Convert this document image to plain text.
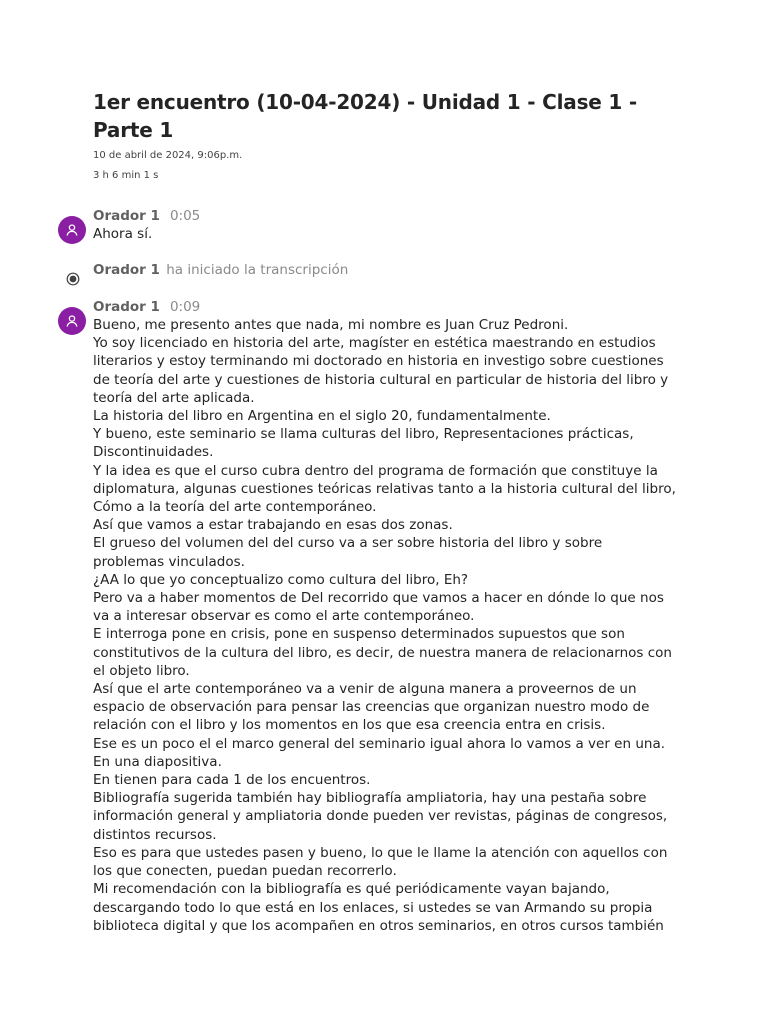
1er encuentro (10-04-2024) - Unidad 1 - Clase 1 - Parte 1
10 de abril de 2024, 9:06p.m.
3 h 6 min 1 s
Orador 1 0:05
Ahora sí.
Orador 1 ha iniciado la transcripción
Orador 1 0:09
Bueno, me presento antes que nada, mi nombre es Juan Cruz Pedroni.
Yo soy licenciado en historia del arte, magíster en estética maestrando en estudios
literarios y estoy terminando mi doctorado en historia en investigo sobre cuestiones
de teoría del arte y cuestiones de historia cultural en particular de historia del libro y
teoría del arte aplicada.
La historia del libro en Argentina en el siglo 20, fundamentalmente.
Y bueno, este seminario se llama culturas del libro, Representaciones prácticas,
Discontinuidades.
Y la idea es que el curso cubra dentro del programa de formación que constituye la
diplomatura, algunas cuestiones teóricas relativas tanto a la historia cultural del libro,
Cómo a la teoría del arte contemporáneo.
Así que vamos a estar trabajando en esas dos zonas.
El grueso del volumen del del curso va a ser sobre historia del libro y sobre
problemas vinculados.
¿AA lo que yo conceptualizo como cultura del libro, Eh?
Pero va a haber momentos de Del recorrido que vamos a hacer en dónde lo que nos
va a interesar observar es como el arte contemporáneo.
E interroga pone en crisis, pone en suspenso determinados supuestos que son
constitutivos de la cultura del libro, es decir, de nuestra manera de relacionarnos con
el objeto libro.
Así que el arte contemporáneo va a venir de alguna manera a proveernos de un
espacio de observación para pensar las creencias que organizan nuestro modo de
relación con el libro y los momentos en los que esa creencia entra en crisis.
Ese es un poco el el marco general del seminario igual ahora lo vamos a ver en una.
En una diapositiva.
En tienen para cada 1 de los encuentros.
Bibliografía sugerida también hay bibliografía ampliatoria, hay una pestaña sobre
información general y ampliatoria donde pueden ver revistas, páginas de congresos,
distintos recursos.
Eso es para que ustedes pasen y bueno, lo que le llame la atención con aquellos con
los que conecten, puedan puedan recorrerlo.
Mi recomendación con la bibliografía es qué periódicamente vayan bajando,
descargando todo lo que está en los enlaces, si ustedes se van Armando su propia
biblioteca digital y que los acompañen en otros seminarios, en otros cursos también
